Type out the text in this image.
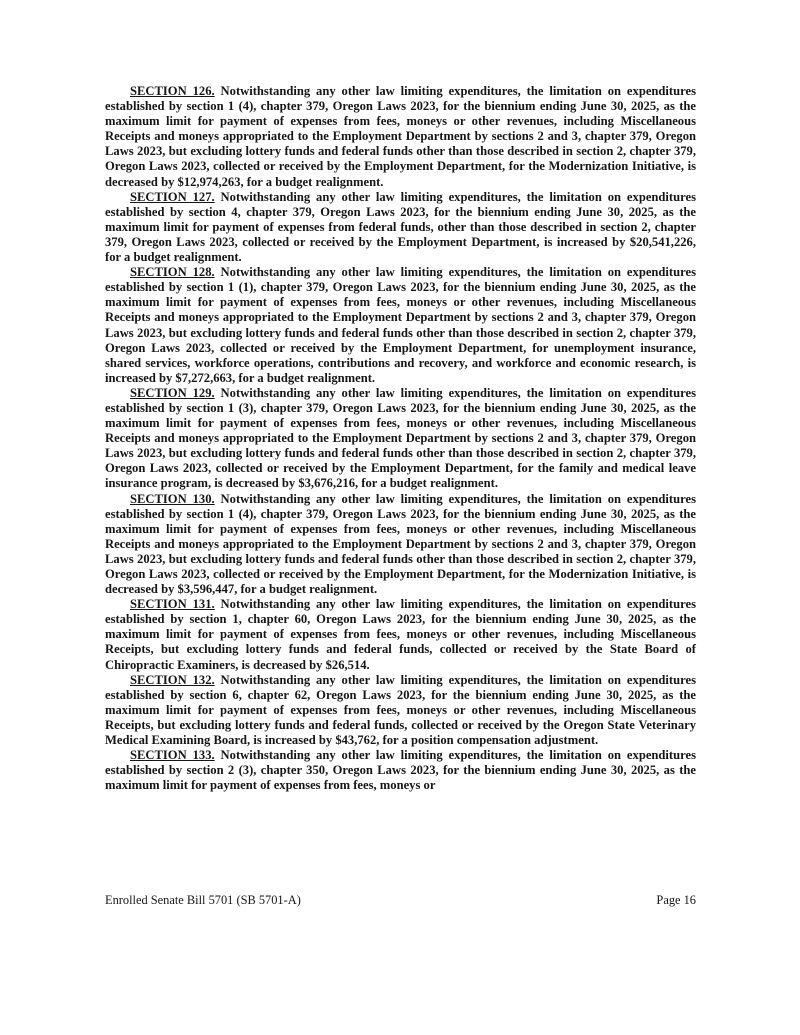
SECTION 126. Notwithstanding any other law limiting expenditures, the limitation on expenditures established by section 1 (4), chapter 379, Oregon Laws 2023, for the biennium ending June 30, 2025, as the maximum limit for payment of expenses from fees, moneys or other revenues, including Miscellaneous Receipts and moneys appropriated to the Employment Department by sections 2 and 3, chapter 379, Oregon Laws 2023, but excluding lottery funds and federal funds other than those described in section 2, chapter 379, Oregon Laws 2023, collected or received by the Employment Department, for the Modernization Initiative, is decreased by $12,974,263, for a budget realignment.

SECTION 127. Notwithstanding any other law limiting expenditures, the limitation on expenditures established by section 4, chapter 379, Oregon Laws 2023, for the biennium ending June 30, 2025, as the maximum limit for payment of expenses from federal funds, other than those described in section 2, chapter 379, Oregon Laws 2023, collected or received by the Employment Department, is increased by $20,541,226, for a budget realignment.

SECTION 128. Notwithstanding any other law limiting expenditures, the limitation on expenditures established by section 1 (1), chapter 379, Oregon Laws 2023, for the biennium ending June 30, 2025, as the maximum limit for payment of expenses from fees, moneys or other revenues, including Miscellaneous Receipts and moneys appropriated to the Employment Department by sections 2 and 3, chapter 379, Oregon Laws 2023, but excluding lottery funds and federal funds other than those described in section 2, chapter 379, Oregon Laws 2023, collected or received by the Employment Department, for unemployment insurance, shared services, workforce operations, contributions and recovery, and workforce and economic research, is increased by $7,272,663, for a budget realignment.

SECTION 129. Notwithstanding any other law limiting expenditures, the limitation on expenditures established by section 1 (3), chapter 379, Oregon Laws 2023, for the biennium ending June 30, 2025, as the maximum limit for payment of expenses from fees, moneys or other revenues, including Miscellaneous Receipts and moneys appropriated to the Employment Department by sections 2 and 3, chapter 379, Oregon Laws 2023, but excluding lottery funds and federal funds other than those described in section 2, chapter 379, Oregon Laws 2023, collected or received by the Employment Department, for the family and medical leave insurance program, is decreased by $3,676,216, for a budget realignment.

SECTION 130. Notwithstanding any other law limiting expenditures, the limitation on expenditures established by section 1 (4), chapter 379, Oregon Laws 2023, for the biennium ending June 30, 2025, as the maximum limit for payment of expenses from fees, moneys or other revenues, including Miscellaneous Receipts and moneys appropriated to the Employment Department by sections 2 and 3, chapter 379, Oregon Laws 2023, but excluding lottery funds and federal funds other than those described in section 2, chapter 379, Oregon Laws 2023, collected or received by the Employment Department, for the Modernization Initiative, is decreased by $3,596,447, for a budget realignment.

SECTION 131. Notwithstanding any other law limiting expenditures, the limitation on expenditures established by section 1, chapter 60, Oregon Laws 2023, for the biennium ending June 30, 2025, as the maximum limit for payment of expenses from fees, moneys or other revenues, including Miscellaneous Receipts, but excluding lottery funds and federal funds, collected or received by the State Board of Chiropractic Examiners, is decreased by $26,514.

SECTION 132. Notwithstanding any other law limiting expenditures, the limitation on expenditures established by section 6, chapter 62, Oregon Laws 2023, for the biennium ending June 30, 2025, as the maximum limit for payment of expenses from fees, moneys or other revenues, including Miscellaneous Receipts, but excluding lottery funds and federal funds, collected or received by the Oregon State Veterinary Medical Examining Board, is increased by $43,762, for a position compensation adjustment.

SECTION 133. Notwithstanding any other law limiting expenditures, the limitation on expenditures established by section 2 (3), chapter 350, Oregon Laws 2023, for the biennium ending June 30, 2025, as the maximum limit for payment of expenses from fees, moneys or

Enrolled Senate Bill 5701 (SB 5701-A)	Page 16
